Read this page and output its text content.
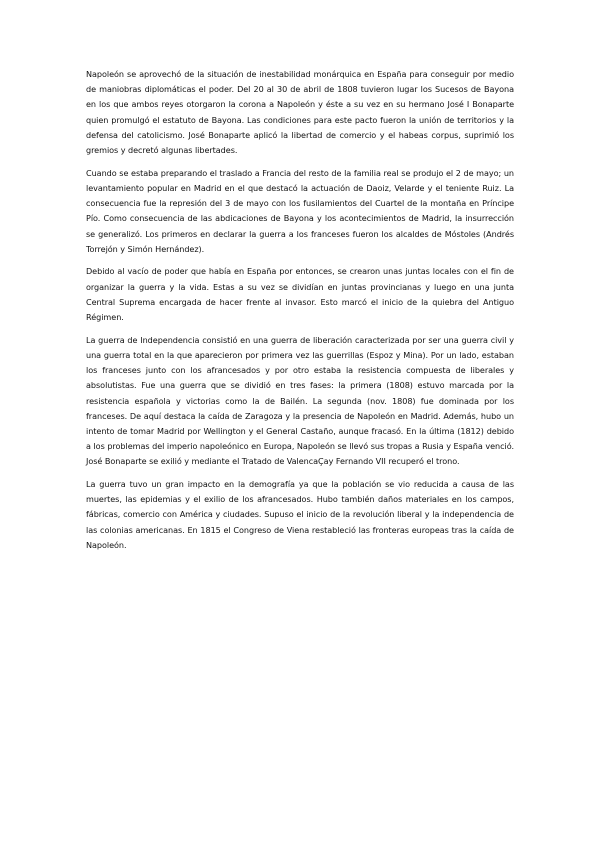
Napoleón se aprovechó de la situación de inestabilidad monárquica en España para conseguir por medio de maniobras diplomáticas el poder. Del 20 al 30 de abril de 1808 tuvieron lugar los Sucesos de Bayona en los que ambos reyes otorgaron la corona a Napoleón y éste a su vez en su hermano José I Bonaparte quien promulgó el estatuto de Bayona. Las condiciones para este pacto fueron la unión de territorios y la defensa del catolicismo. José Bonaparte aplicó la libertad de comercio y el habeas corpus, suprimió los gremios y decretó algunas libertades.

Cuando se estaba preparando el traslado a Francia del resto de la familia real se produjo el 2 de mayo; un levantamiento popular en Madrid en el que destacó la actuación de Daoiz, Velarde y el teniente Ruiz. La consecuencia fue la represión del 3 de mayo con los fusilamientos del Cuartel de la montaña en Príncipe Pío. Como consecuencia de las abdicaciones de Bayona y los acontecimientos de Madrid, la insurrección se generalizó. Los primeros en declarar la guerra a los franceses fueron los alcaldes de Móstoles (Andrés Torrejón y Simón Hernández).

Debido al vacío de poder que había en España por entonces, se crearon unas juntas locales con el fin de organizar la guerra y la vida. Estas a su vez se dividían en juntas provincianas y luego en una junta Central Suprema encargada de hacer frente al invasor. Esto marcó el inicio de la quiebra del Antiguo Régimen.

La guerra de Independencia consistió en una guerra de liberación caracterizada por ser una guerra civil y una guerra total en la que aparecieron por primera vez las guerrillas (Espoz y Mina). Por un lado, estaban los franceses junto con los afrancesados y por otro estaba la resistencia compuesta de liberales y absolutistas. Fue una guerra que se dividió en tres fases: la primera (1808) estuvo marcada por la resistencia española y victorias como la de Bailén. La segunda (nov. 1808) fue dominada por los franceses. De aquí destaca la caída de Zaragoza y la presencia de Napoleón en Madrid. Además, hubo un intento de tomar Madrid por Wellington y el General Castaño, aunque fracasó. En la última (1812) debido a los problemas del imperio napoleónico en Europa, Napoleón se llevó sus tropas a Rusia y España venció. José Bonaparte se exilió y mediante el Tratado de ValencaÇay Fernando VII recuperó el trono.

La guerra tuvo un gran impacto en la demografía ya que la población se vio reducida a causa de las muertes, las epidemias y el exilio de los afrancesados. Hubo también daños materiales en los campos, fábricas, comercio con América y ciudades. Supuso el inicio de la revolución liberal y la independencia de las colonias americanas. En 1815 el Congreso de Viena restableció las fronteras europeas tras la caída de Napoleón.
